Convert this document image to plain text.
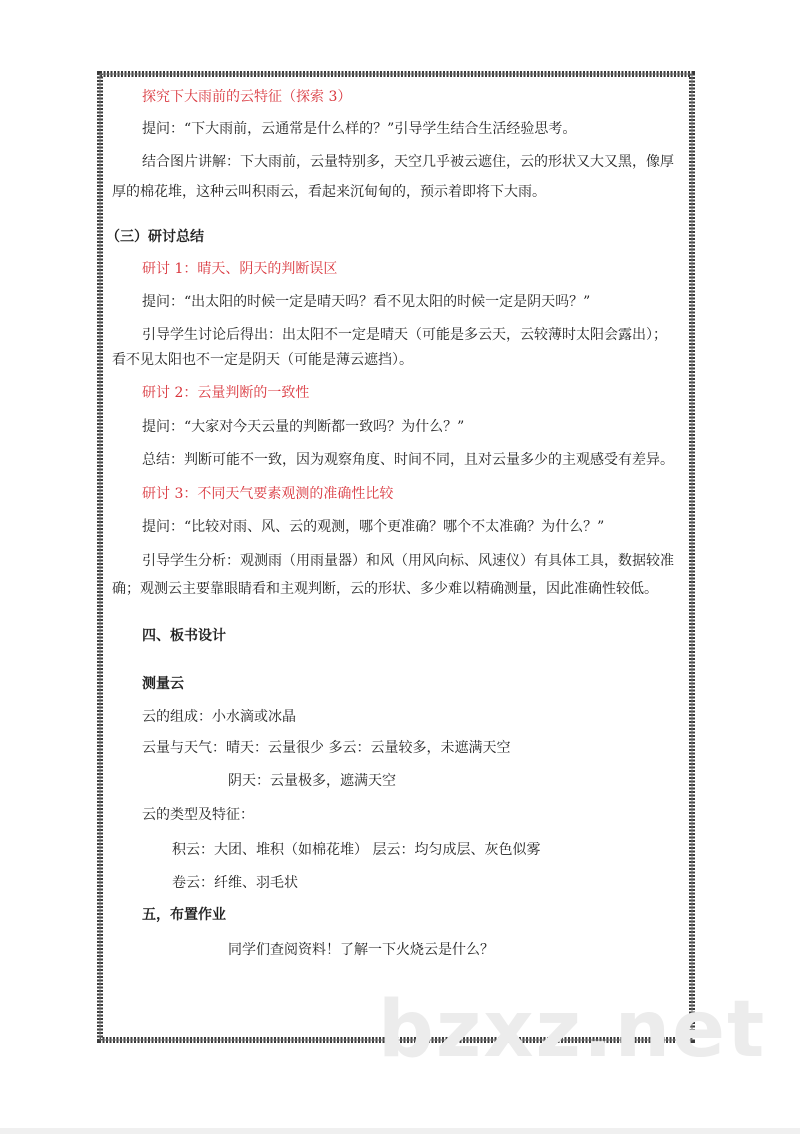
探究下大雨前的云特征（探索 3）
提问：“下大雨前，云通常是什么样的？”引导学生结合生活经验思考。
结合图片讲解：下大雨前，云量特别多，天空几乎被云遮住，云的形状又大又黑，像厚
厚的棉花堆，这种云叫积雨云，看起来沉甸甸的，预示着即将下大雨。
（三）研讨总结
研讨 1：晴天、阴天的判断误区
提问：“出太阳的时候一定是晴天吗？看不见太阳的时候一定是阴天吗？”
引导学生讨论后得出：出太阳不一定是晴天（可能是多云天，云较薄时太阳会露出）；
看不见太阳也不一定是阴天（可能是薄云遮挡）。
研讨 2：云量判断的一致性
提问：“大家对今天云量的判断都一致吗？为什么？”
总结：判断可能不一致，因为观察角度、时间不同，且对云量多少的主观感受有差异。
研讨 3：不同天气要素观测的准确性比较
提问：“比较对雨、风、云的观测，哪个更准确？哪个不太准确？为什么？”
引导学生分析：观测雨（用雨量器）和风（用风向标、风速仪）有具体工具，数据较准
确；观测云主要靠眼睛看和主观判断，云的形状、多少难以精确测量，因此准确性较低。
四、板书设计
测量云
云的组成：小水滴或冰晶
云量与天气：晴天：云量很少 多云：云量较多，未遮满天空
阴天：云量极多，遮满天空
云的类型及特征：
积云：大团、堆积（如棉花堆） 层云：均匀成层、灰色似雾
卷云：纤维、羽毛状
五，布置作业
同学们查阅资料！了解一下火烧云是什么？
bzxz.net
